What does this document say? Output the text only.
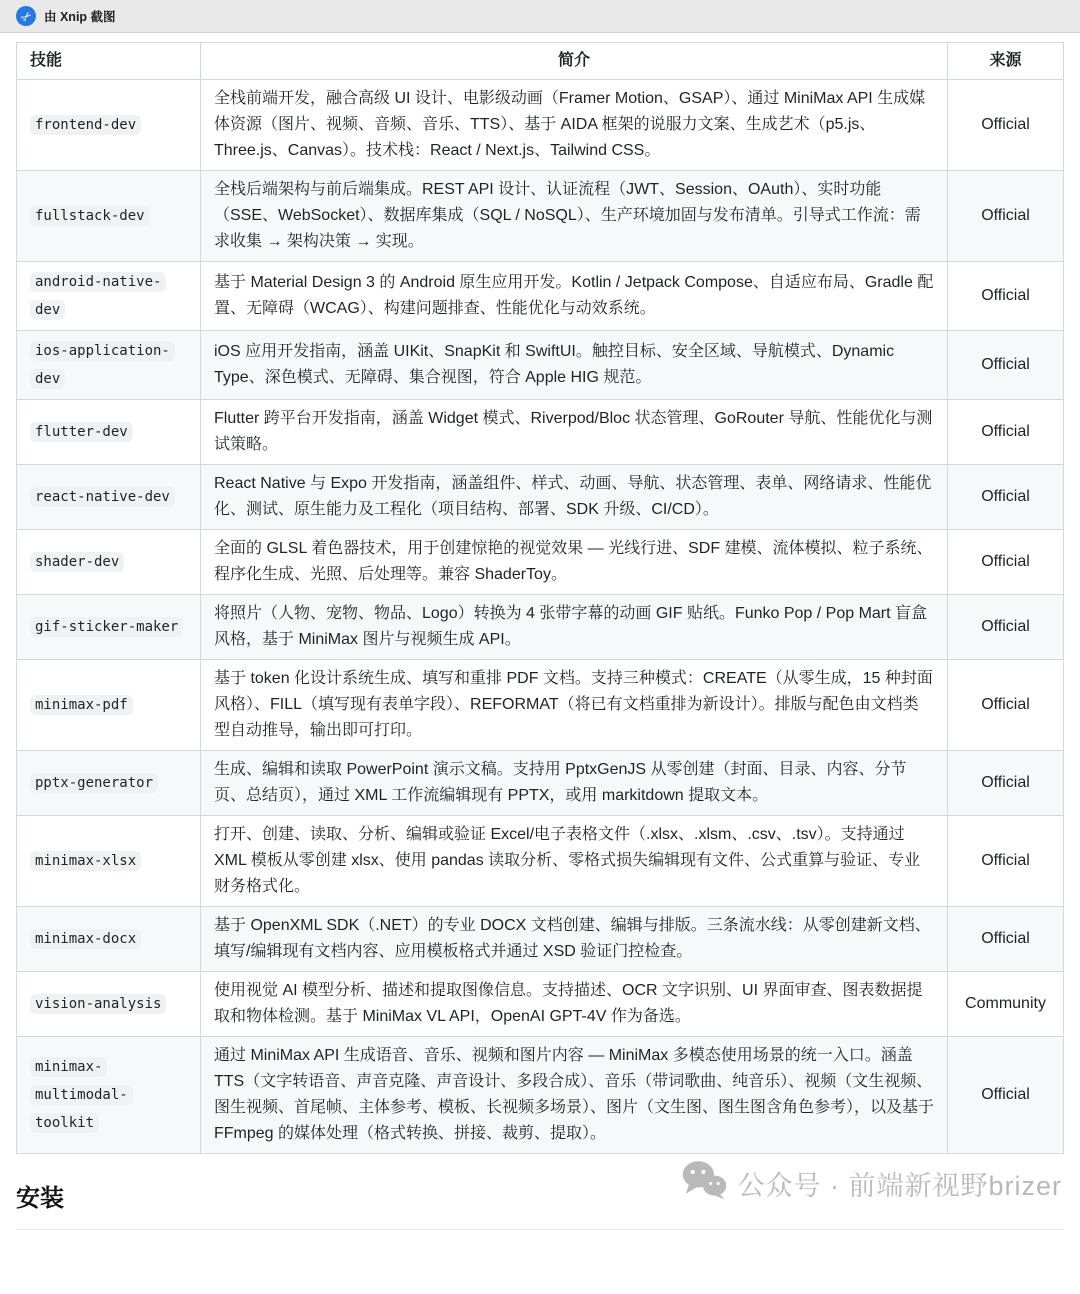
✂ 由 Xnip 截图
技能	简介	来源
frontend-dev	全栈前端开发，融合高级 UI 设计、电影级动画（Framer Motion、GSAP）、通过 MiniMax API 生成媒体资源（图片、视频、音频、音乐、TTS）、基于 AIDA 框架的说服力文案、生成艺术（p5.js、Three.js、Canvas）。技术栈：React / Next.js、Tailwind CSS。	Official
fullstack-dev	全栈后端架构与前后端集成。REST API 设计、认证流程（JWT、Session、OAuth）、实时功能（SSE、WebSocket）、数据库集成（SQL / NoSQL）、生产环境加固与发布清单。引导式工作流：需求收集 → 架构决策 → 实现。	Official
android-native-dev	基于 Material Design 3 的 Android 原生应用开发。Kotlin / Jetpack Compose、自适应布局、Gradle 配置、无障碍（WCAG）、构建问题排查、性能优化与动效系统。	Official
ios-application-dev	iOS 应用开发指南，涵盖 UIKit、SnapKit 和 SwiftUI。触控目标、安全区域、导航模式、Dynamic Type、深色模式、无障碍、集合视图，符合 Apple HIG 规范。	Official
flutter-dev	Flutter 跨平台开发指南，涵盖 Widget 模式、Riverpod/Bloc 状态管理、GoRouter 导航、性能优化与测试策略。	Official
react-native-dev	React Native 与 Expo 开发指南，涵盖组件、样式、动画、导航、状态管理、表单、网络请求、性能优化、测试、原生能力及工程化（项目结构、部署、SDK 升级、CI/CD）。	Official
shader-dev	全面的 GLSL 着色器技术，用于创建惊艳的视觉效果 — 光线行进、SDF 建模、流体模拟、粒子系统、程序化生成、光照、后处理等。兼容 ShaderToy。	Official
gif-sticker-maker	将照片（人物、宠物、物品、Logo）转换为 4 张带字幕的动画 GIF 贴纸。Funko Pop / Pop Mart 盲盒风格，基于 MiniMax 图片与视频生成 API。	Official
minimax-pdf	基于 token 化设计系统生成、填写和重排 PDF 文档。支持三种模式：CREATE（从零生成，15 种封面风格）、FILL（填写现有表单字段）、REFORMAT（将已有文档重排为新设计）。排版与配色由文档类型自动推导，输出即可打印。	Official
pptx-generator	生成、编辑和读取 PowerPoint 演示文稿。支持用 PptxGenJS 从零创建（封面、目录、内容、分节页、总结页），通过 XML 工作流编辑现有 PPTX，或用 markitdown 提取文本。	Official
minimax-xlsx	打开、创建、读取、分析、编辑或验证 Excel/电子表格文件（.xlsx、.xlsm、.csv、.tsv）。支持通过 XML 模板从零创建 xlsx、使用 pandas 读取分析、零格式损失编辑现有文件、公式重算与验证、专业财务格式化。	Official
minimax-docx	基于 OpenXML SDK（.NET）的专业 DOCX 文档创建、编辑与排版。三条流水线：从零创建新文档、填写/编辑现有文档内容、应用模板格式并通过 XSD 验证门控检查。	Official
vision-analysis	使用视觉 AI 模型分析、描述和提取图像信息。支持描述、OCR 文字识别、UI 界面审查、图表数据提取和物体检测。基于 MiniMax VL API，OpenAI GPT-4V 作为备选。	Community
minimax-multimodal-toolkit	通过 MiniMax API 生成语音、音乐、视频和图片内容 — MiniMax 多模态使用场景的统一入口。涵盖 TTS（文字转语音、声音克隆、声音设计、多段合成）、音乐（带词歌曲、纯音乐）、视频（文生视频、图生视频、首尾帧、主体参考、模板、长视频多场景）、图片（文生图、图生图含角色参考），以及基于 FFmpeg 的媒体处理（格式转换、拼接、裁剪、提取）。	Official
公众号 · 前端新视野brizer
安装
